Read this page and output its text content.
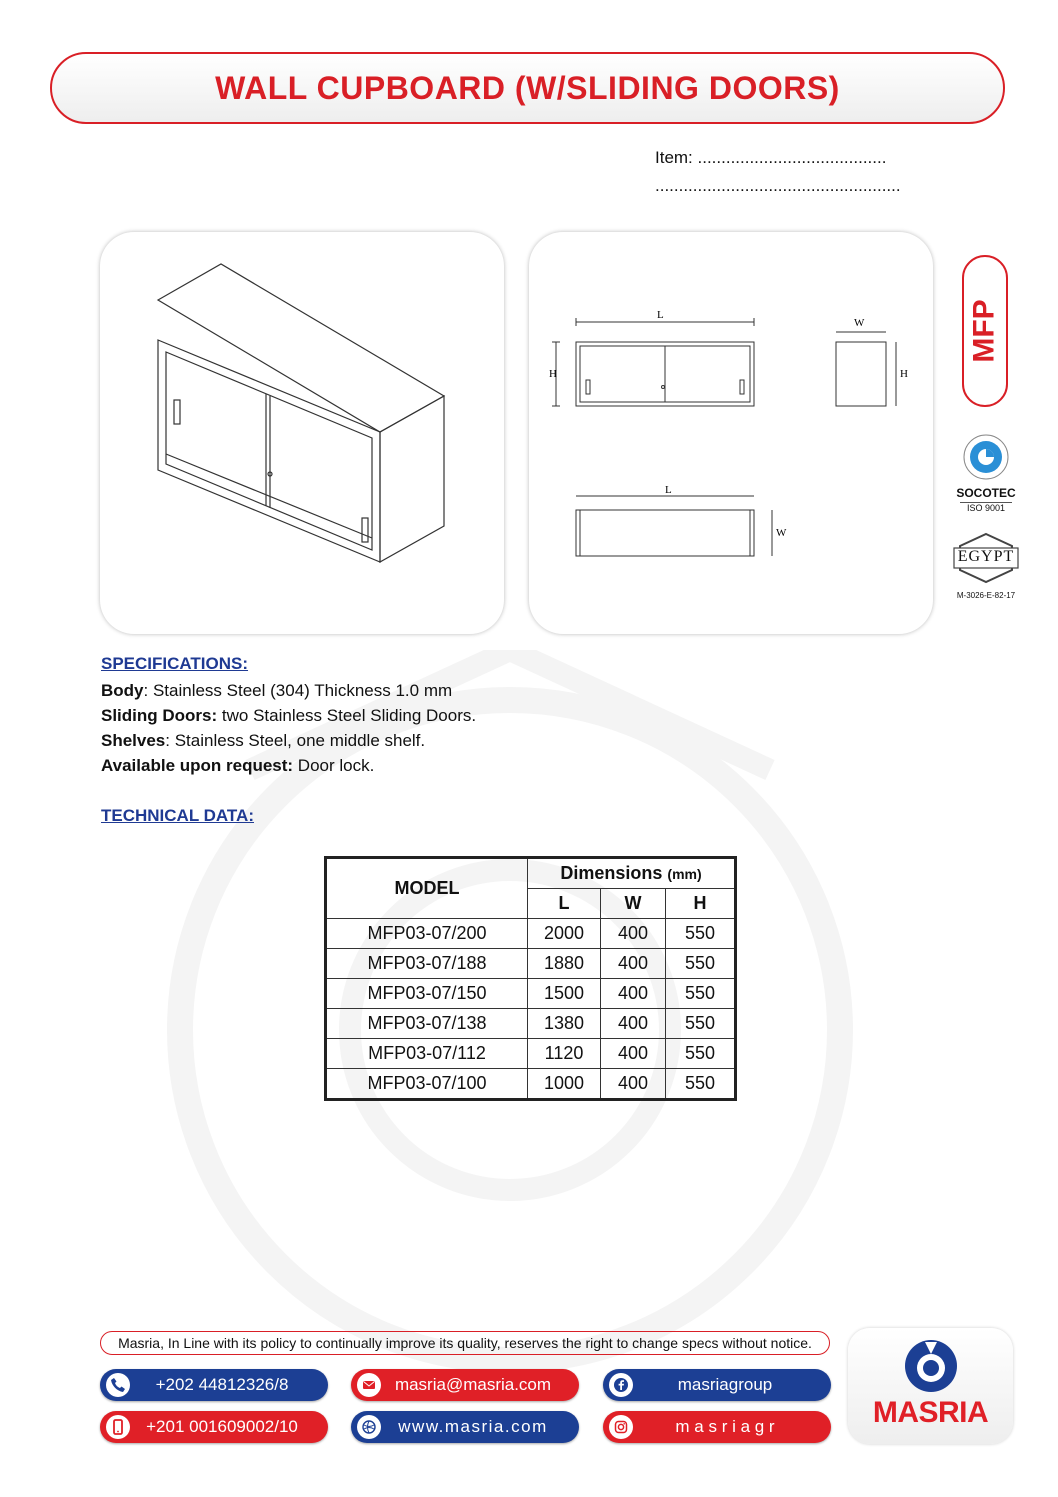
WALL CUPBOARD (W/SLIDING DOORS)
Item: ........................................
....................................................
L
H
W
H
L
W
MFP
SOCOTEC
ISO 9001
EGYPT
M-3026-E-82-17
SPECIFICATIONS:
Body: Stainless Steel (304) Thickness 1.0 mm
Sliding Doors: two Stainless Steel Sliding Doors.
Shelves: Stainless Steel, one middle shelf.
Available upon request: Door lock.
TECHNICAL DATA:
MODEL	Dimensions (mm)		
	L	W	H
MFP03-07/200	2000	400	550
MFP03-07/188	1880	400	550
MFP03-07/150	1500	400	550
MFP03-07/138	1380	400	550
MFP03-07/112	1120	400	550
MFP03-07/100	1000	400	550
Masria, In Line with its policy to continually improve its quality, reserves the right to change specs without notice.
+202 44812326/8
+201 001609002/10
masria@masria.com
www.masria.com
masriagroup
m a s r i a g r	MASRIA
